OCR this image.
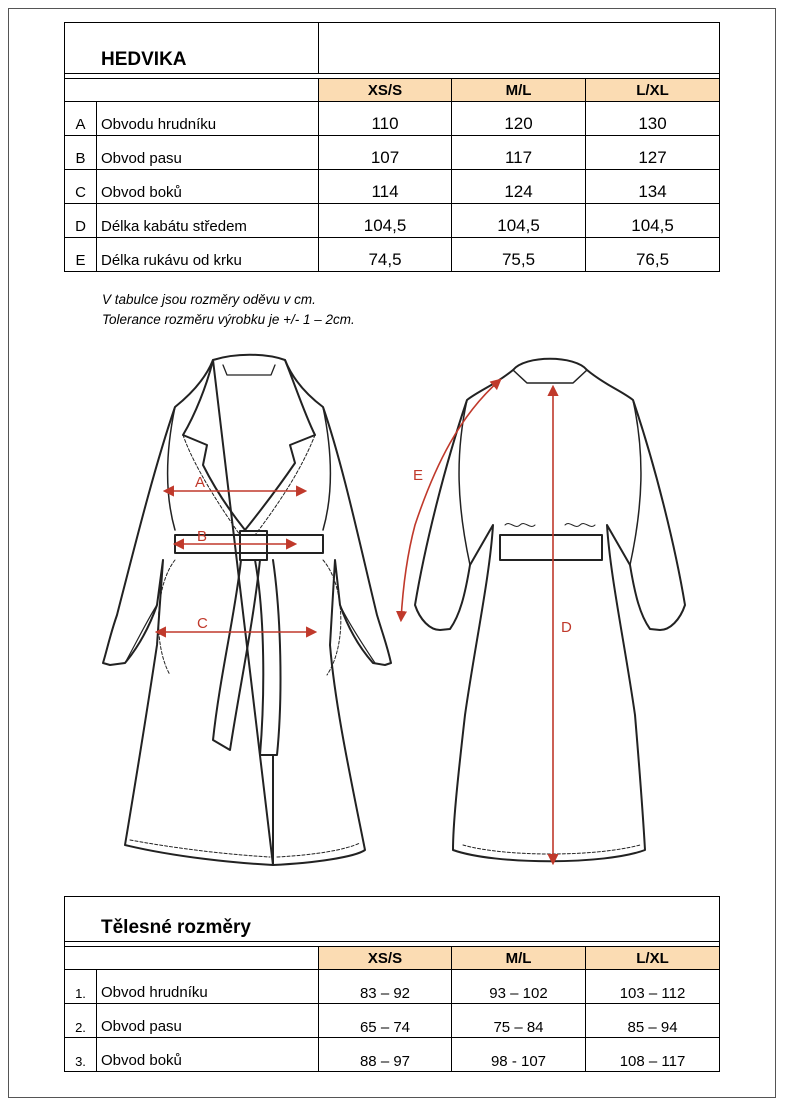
HEDVIKA				

		XS/S	M/L	L/XL
A	Obvodu hrudníku	110	120	130
B	Obvod pasu	107	117	127
C	Obvod boků	114	124	134
D	Délka kabátu středem	104,5	104,5	104,5
E	Délka rukávu od krku	74,5	75,5	76,5
V tabulce jsou rozměry oděvu v cm.
Tolerance rozměru výrobku je +/- 1 – 2cm.
A
B
C	D
E
Tělesné rozměry				

		XS/S	M/L	L/XL
1.	Obvod hrudníku	83 – 92	93 – 102	103 – 112
2.	Obvod pasu	65 – 74	75 – 84	85 – 94
3.	Obvod boků	88 – 97	98 - 107	108 – 117
